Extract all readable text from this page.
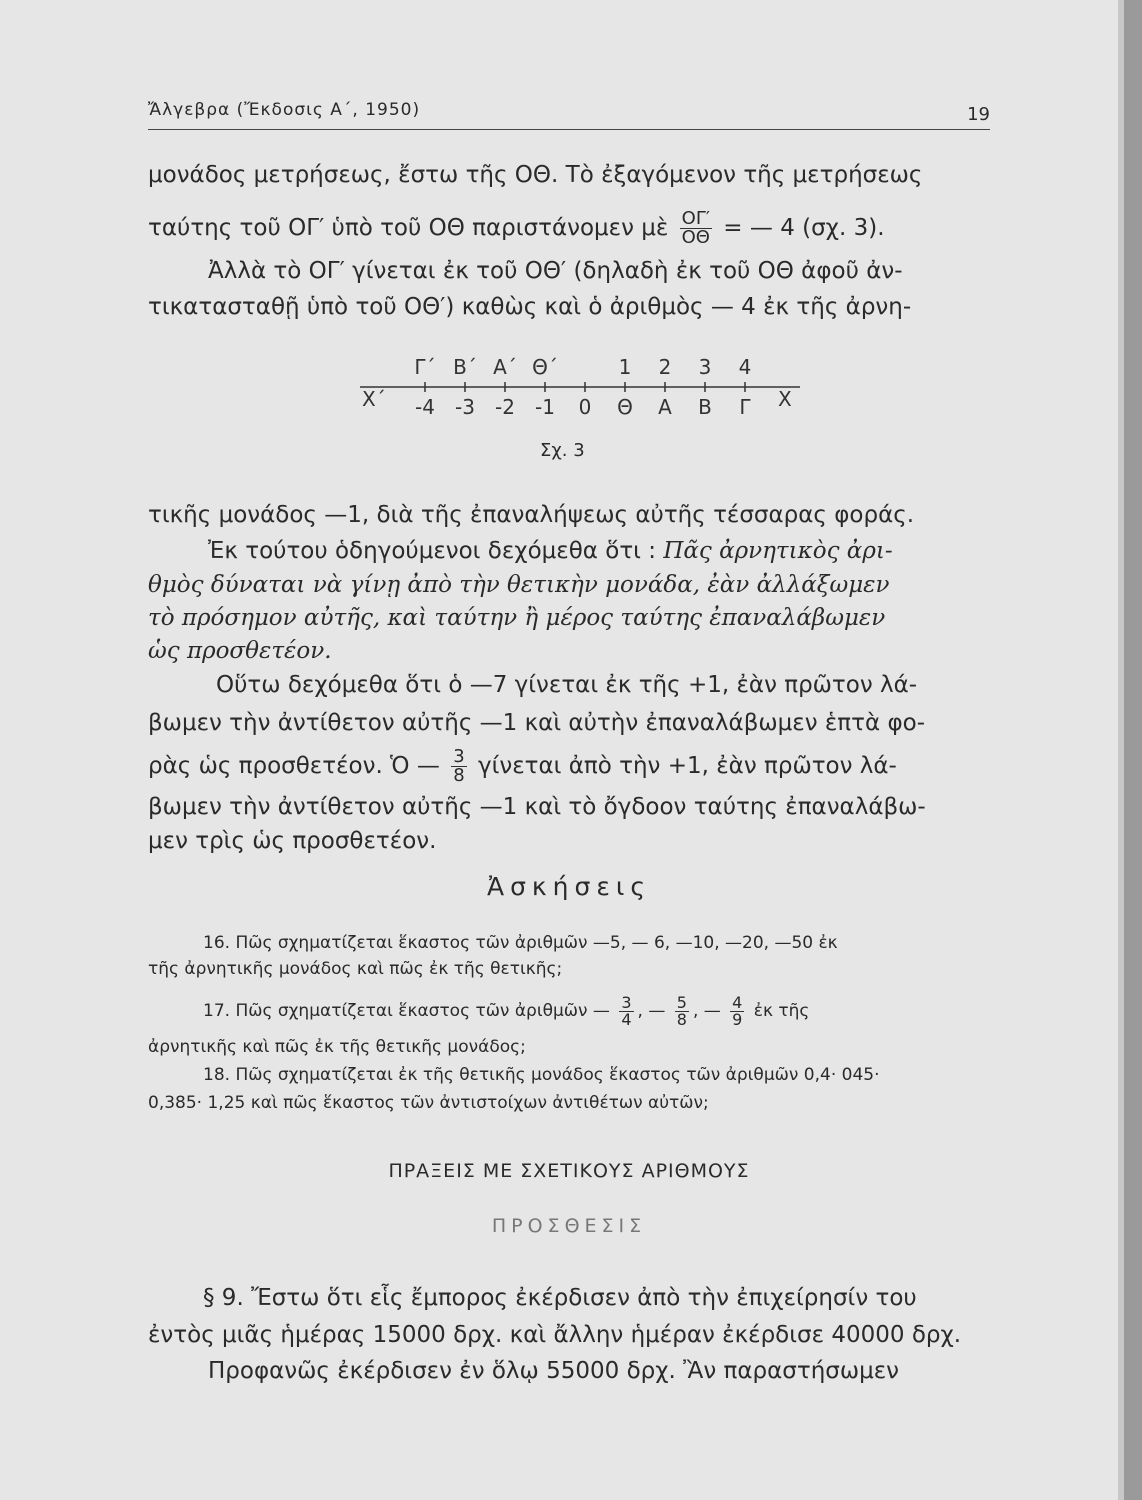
Ἄλγεβρα (Ἔκδοσις Α΄, 1950)	19
μονάδος μετρήσεως, ἔστω τῆς ΟΘ. Τὸ ἐξαγόμενον τῆς μετρήσεως
ταύτης τοῦ ΟΓ′ ὑπὸ τοῦ ΟΘ παριστάνομεν μὲ $\frac{O\Gamma'}{O\Theta}$ = — 4 (σχ. 3).
Ἀλλὰ τὸ ΟΓ′ γίνεται ἐκ τοῦ ΟΘ′ (δηλαδὴ ἐκ τοῦ ΟΘ ἀφοῦ ἀν-
τικατασταθῇ ὑπὸ τοῦ ΟΘ′) καθὼς καὶ ὁ ἀριθμὸς — 4 ἐκ τῆς ἀρνη-
Γ΄ Β΄ Α΄ Θ΄	1 2 3 4
-4 -3 -2 -1 0 Θ Α Β Γ
X΄	X
Σχ. 3
τικῆς μονάδος —1, διὰ τῆς ἐπαναλήψεως αὐτῆς τέσσαρας φοράς.
Ἐκ τούτου ὁδηγούμενοι δεχόμεθα ὅτι : Πᾶς ἀρνητικὸς ἀρι-
θμὸς δύναται νὰ γίνῃ ἀπὸ τὴν θετικὴν μονάδα, ἐὰν ἀλλάξωμεν
τὸ πρόσημον αὐτῆς, καὶ ταύτην ἢ μέρος ταύτης ἐπαναλάβωμεν
ὡς προσθετέον.
Οὕτω δεχόμεθα ὅτι ὁ —7 γίνεται ἐκ τῆς +1, ἐὰν πρῶτον λά-
βωμεν τὴν ἀντίθετον αὐτῆς —1 καὶ αὐτὴν ἐπαναλάβωμεν ἑπτὰ φο-
ρὰς ὡς προσθετέον. Ὁ — $\frac{3}{8}$ γίνεται ἀπὸ τὴν +1, ἐὰν πρῶτον λά-
βωμεν τὴν ἀντίθετον αὐτῆς —1 καὶ τὸ ὄγδοον ταύτης ἐπαναλάβω-
μεν τρὶς ὡς προσθετέον.
Ἀσκήσεις
16. Πῶς σχηματίζεται ἕκαστος τῶν ἀριθμῶν —5, — 6, —10, —20, —50 ἐκ
τῆς ἀρνητικῆς μονάδος καὶ πῶς ἐκ τῆς θετικῆς;
17. Πῶς σχηματίζεται ἕκαστος τῶν ἀριθμῶν — $\frac{3}{4}$ , — $\frac{5}{8}$ , — $\frac{4}{9}$ ἐκ τῆς
ἀρνητικῆς καὶ πῶς ἐκ τῆς θετικῆς μονάδος;
18. Πῶς σχηματίζεται ἐκ τῆς θετικῆς μονάδος ἕκαστος τῶν ἀριθμῶν 0,4· 045·
0,385· 1,25 καὶ πῶς ἕκαστος τῶν ἀντιστοίχων ἀντιθέτων αὐτῶν;
ΠΡΑΞΕΙΣ ΜΕ ΣΧΕΤΙΚΟΥΣ ΑΡΙΘΜΟΥΣ
ΠΡΟΣΘΕΣΙΣ
§ 9. Ἔστω ὅτι εἷς ἔμπορος ἐκέρδισεν ἀπὸ τὴν ἐπιχείρησίν του
ἐντὸς μιᾶς ἡμέρας 15000 δρχ. καὶ ἄλλην ἡμέραν ἐκέρδισε 40000 δρχ.
Προφανῶς ἐκέρδισεν ἐν ὅλῳ 55000 δρχ. Ἂν παραστήσωμεν
